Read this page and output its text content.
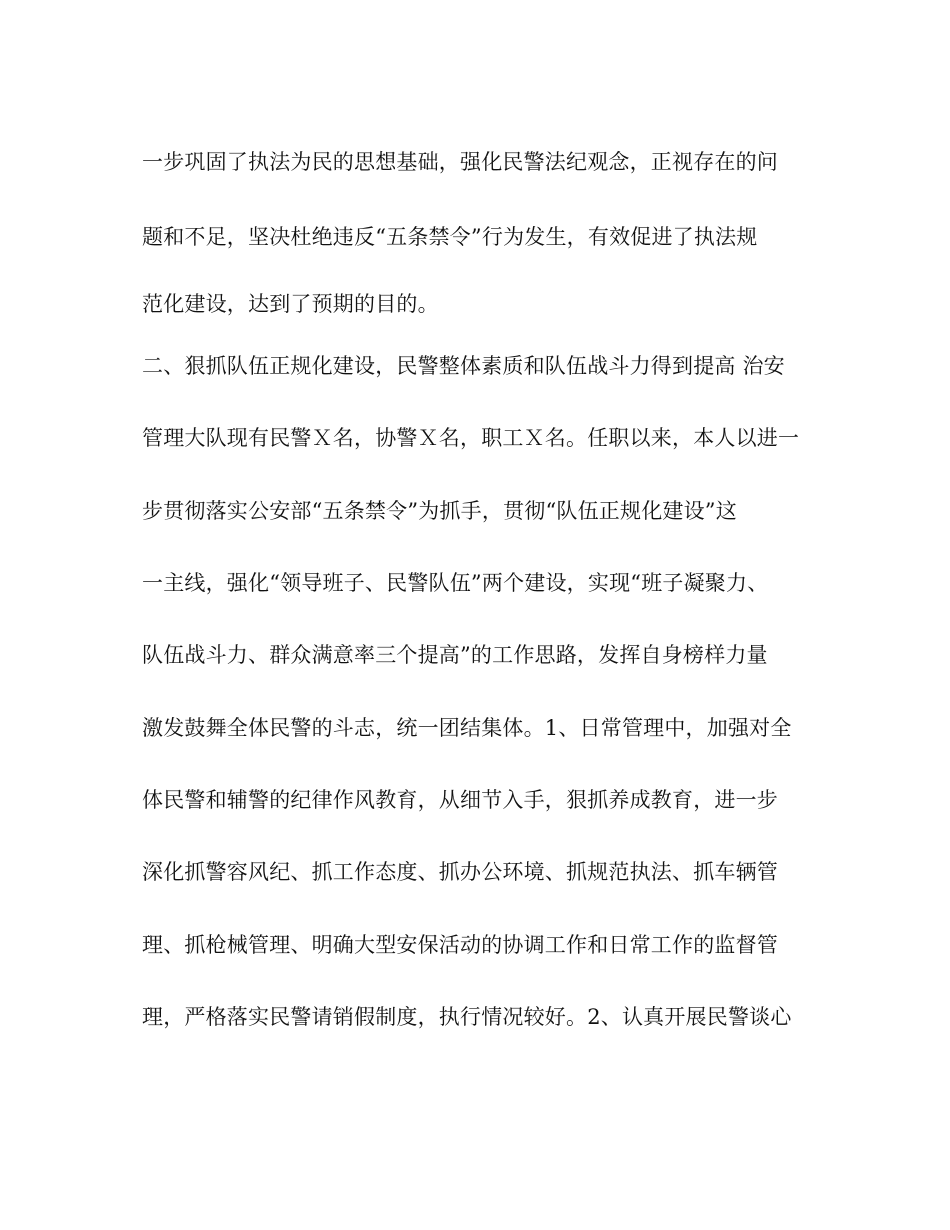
一步巩固了执法为民的思想基础，强化民警法纪观念，正视存在的问
题和不足，坚决杜绝违反“五条禁令”行为发生，有效促进了执法规
范化建设，达到了预期的目的。
二、狠抓队伍正规化建设，民警整体素质和队伍战斗力得到提高 治安
管理大队现有民警Ｘ名，协警Ｘ名，职工Ｘ名。任职以来，本人以进一
步贯彻落实公安部“五条禁令”为抓手，贯彻“队伍正规化建设”这
一主线，强化“领导班子、民警队伍”两个建设，实现“班子凝聚力、
队伍战斗力、群众满意率三个提高”的工作思路，发挥自身榜样力量
激发鼓舞全体民警的斗志，统一团结集体。1、日常管理中，加强对全
体民警和辅警的纪律作风教育，从细节入手，狠抓养成教育，进一步
深化抓警容风纪、抓工作态度、抓办公环境、抓规范执法、抓车辆管
理、抓枪械管理、明确大型安保活动的协调工作和日常工作的监督管
理，严格落实民警请销假制度，执行情况较好。2、认真开展民警谈心
